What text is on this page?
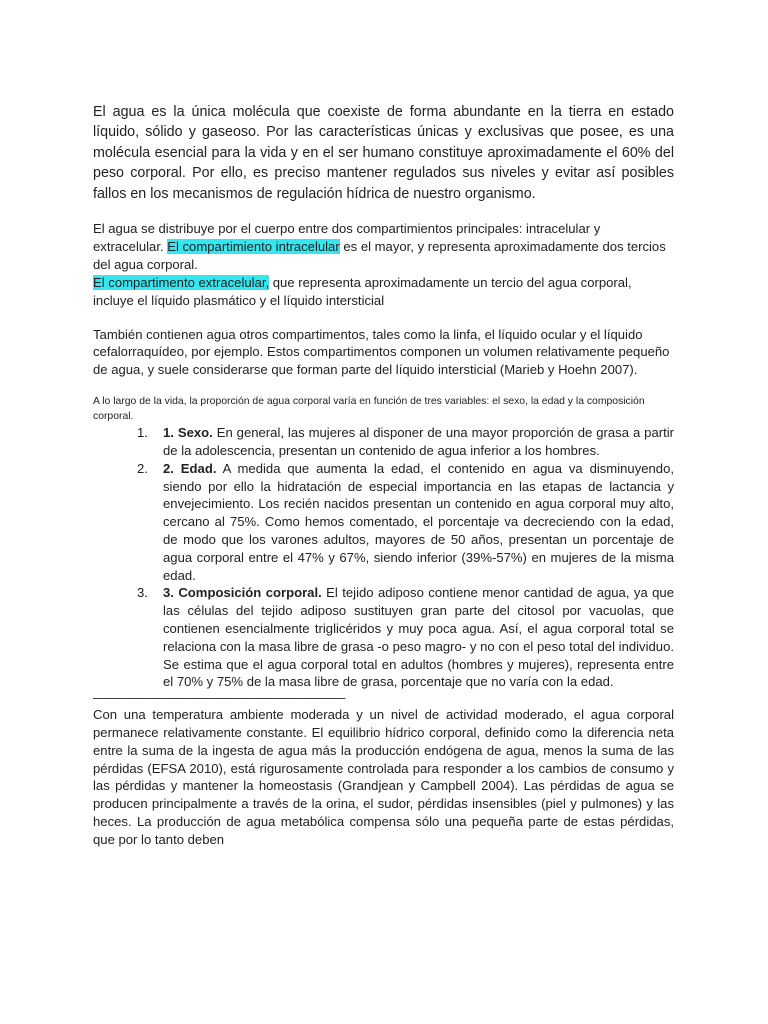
El agua es la única molécula que coexiste de forma abundante en la tierra en estado líquido, sólido y gaseoso. Por las características únicas y exclusivas que posee, es una molécula esencial para la vida y en el ser humano constituye aproximadamente el 60% del peso corporal. Por ello, es preciso mantener regulados sus niveles y evitar así posibles fallos en los mecanismos de regulación hídrica de nuestro organismo.

El agua se distribuye por el cuerpo entre dos compartimientos principales: intracelular y extracelular. El compartimiento intracelular es el mayor, y representa aproximadamente dos tercios del agua corporal.
El compartimento extracelular, que representa aproximadamente un tercio del agua corporal, incluye el líquido plasmático y el líquido intersticial

También contienen agua otros compartimentos, tales como la linfa, el líquido ocular y el líquido cefalorraquídeo, por ejemplo. Estos compartimentos componen un volumen relativamente pequeño de agua, y suele considerarse que forman parte del líquido intersticial (Marieb y Hoehn 2007).

A lo largo de la vida, la proporción de agua corporal varía en función de tres variables: el sexo, la edad y la composición corporal.

1. 1. Sexo. En general, las mujeres al disponer de una mayor proporción de grasa a partir de la adolescencia, presentan un contenido de agua inferior a los hombres.
2. 2. Edad. A medida que aumenta la edad, el contenido en agua va disminuyendo, siendo por ello la hidratación de especial importancia en las etapas de lactancia y envejecimiento. Los recién nacidos presentan un contenido en agua corporal muy alto, cercano al 75%. Como hemos comentado, el porcentaje va decreciendo con la edad, de modo que los varones adultos, mayores de 50 años, presentan un porcentaje de agua corporal entre el 47% y 67%, siendo inferior (39%-57%) en mujeres de la misma edad.
3. 3. Composición corporal. El tejido adiposo contiene menor cantidad de agua, ya que las células del tejido adiposo sustituyen gran parte del citosol por vacuolas, que contienen esencialmente triglicéridos y muy poca agua. Así, el agua corporal total se relaciona con la masa libre de grasa -o peso magro- y no con el peso total del individuo. Se estima que el agua corporal total en adultos (hombres y mujeres), representa entre el 70% y 75% de la masa libre de grasa, porcentaje que no varía con la edad.
————————————————————

Con una temperatura ambiente moderada y un nivel de actividad moderado, el agua corporal permanece relativamente constante. El equilibrio hídrico corporal, definido como la diferencia neta entre la suma de la ingesta de agua más la producción endógena de agua, menos la suma de las pérdidas (EFSA 2010), está rigurosamente controlada para responder a los cambios de consumo y las pérdidas y mantener la homeostasis (Grandjean y Campbell 2004). Las pérdidas de agua se producen principalmente a través de la orina, el sudor, pérdidas insensibles (piel y pulmones) y las heces. La producción de agua metabólica compensa sólo una pequeña parte de estas pérdidas, que por lo tanto deben
